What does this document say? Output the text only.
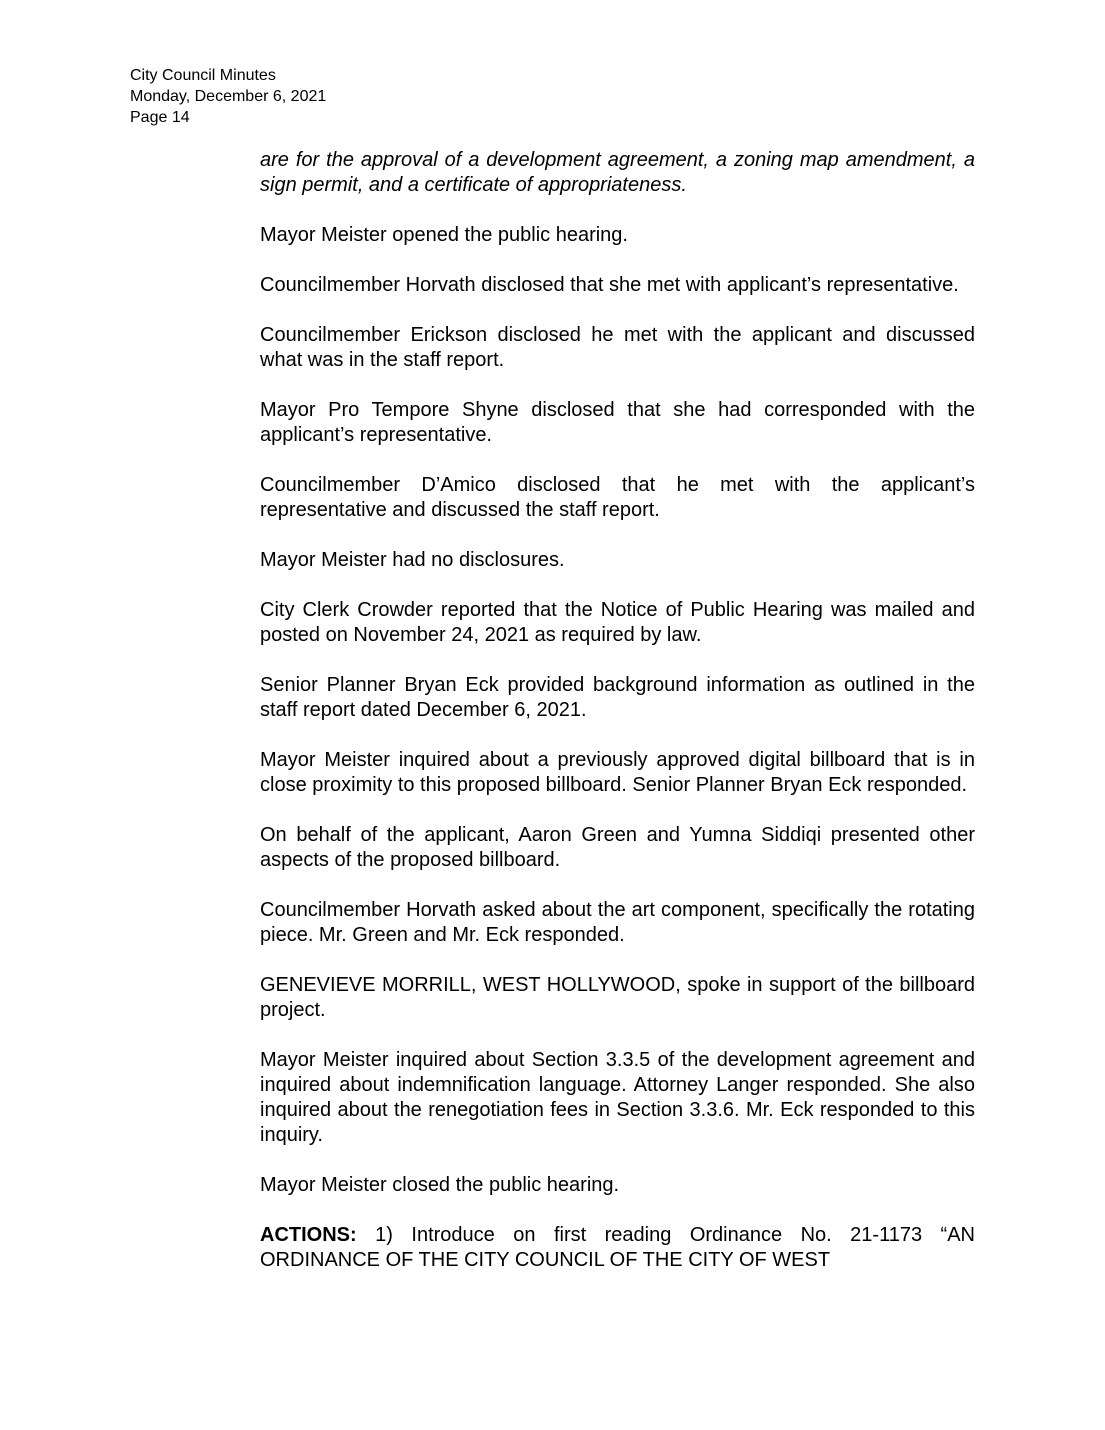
City Council Minutes
Monday, December 6, 2021
Page 14

are for the approval of a development agreement, a zoning map amendment, a sign permit, and a certificate of appropriateness.

Mayor Meister opened the public hearing.

Councilmember Horvath disclosed that she met with applicant’s representative.

Councilmember Erickson disclosed he met with the applicant and discussed what was in the staff report.

Mayor Pro Tempore Shyne disclosed that she had corresponded with the applicant’s representative.

Councilmember D’Amico disclosed that he met with the applicant’s representative and discussed the staff report.

Mayor Meister had no disclosures.

City Clerk Crowder reported that the Notice of Public Hearing was mailed and posted on November 24, 2021 as required by law.

Senior Planner Bryan Eck provided background information as outlined in the staff report dated December 6, 2021.

Mayor Meister inquired about a previously approved digital billboard that is in close proximity to this proposed billboard. Senior Planner Bryan Eck responded.

On behalf of the applicant, Aaron Green and Yumna Siddiqi presented other aspects of the proposed billboard.

Councilmember Horvath asked about the art component, specifically the rotating piece. Mr. Green and Mr. Eck responded.

GENEVIEVE MORRILL, WEST HOLLYWOOD, spoke in support of the billboard project.

Mayor Meister inquired about Section 3.3.5 of the development agreement and inquired about indemnification language. Attorney Langer responded. She also inquired about the renegotiation fees in Section 3.3.6. Mr. Eck responded to this inquiry.

Mayor Meister closed the public hearing.

ACTIONS: 1) Introduce on first reading Ordinance No. 21-1173 “AN ORDINANCE OF THE CITY COUNCIL OF THE CITY OF WEST
